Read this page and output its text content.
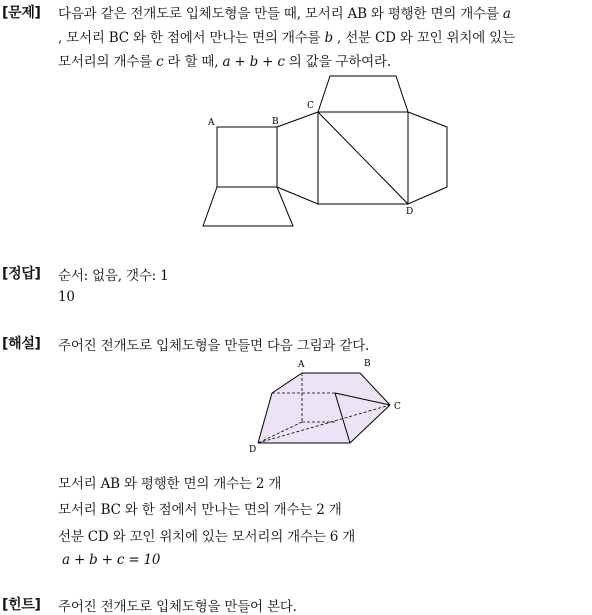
[문제] 다음과 같은 전개도로 입체도형을 만들 때, 모서리 AB 와 평행한 면의 개수를 a
, 모서리 BC 와 한 점에서 만나는 면의 개수를 b , 선분 CD 와 꼬인 위치에 있는
모서리의 개수를 c 라 할 때, a + b + c 의 값을 구하여라.
A	B
C
D
[정답] 순서: 없음, 갯수: 1
10
[해설] 주어진 전개도로 입체도형을 만들면 다음 그림과 같다.
A	B
C
D
모서리 AB 와 평행한 면의 개수는 2 개
모서리 BC 와 한 점에서 만나는 면의 개수는 2 개
선분 CD 와 꼬인 위치에 있는 모서리의 개수는 6 개
a + b + c = 10
[힌트] 주어진 전개도로 입체도형을 만들어 본다.
